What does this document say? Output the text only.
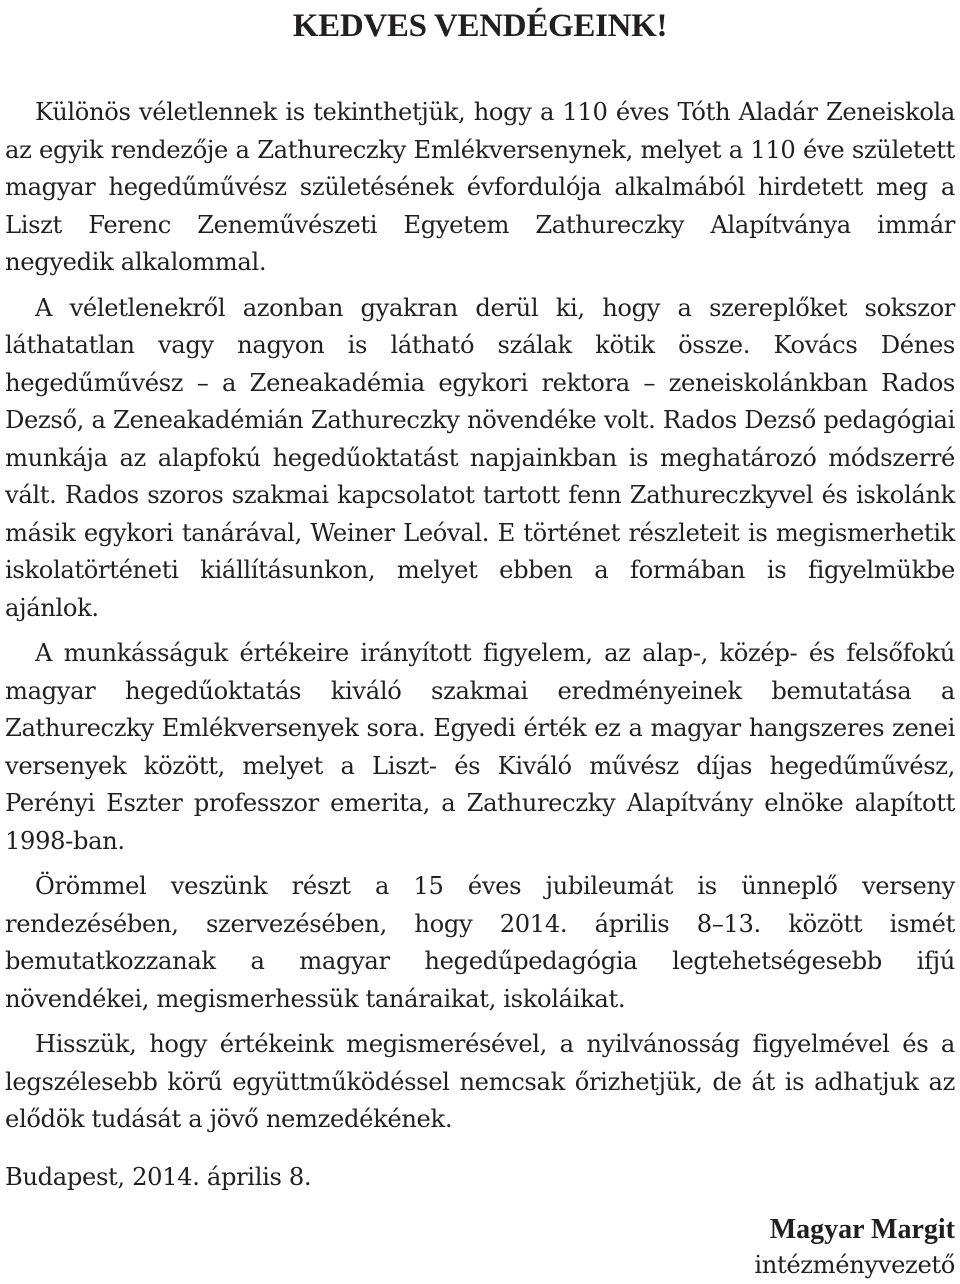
KEDVES VENDÉGEINK!

Különös véletlennek is tekinthetjük, hogy a 110 éves Tóth Aladár Zeneiskola az egyik rendezője a Zathureczky Emlékversenynek, melyet a 110 éve született magyar hegedűművész születésének évfordulója alkalmából hirdetett meg a Liszt Ferenc Zeneművészeti Egyetem Zathureczky Alapítványa immár negyedik alkalommal.

A véletlenekről azonban gyakran derül ki, hogy a szereplőket sokszor láthatatlan vagy nagyon is látható szálak kötik össze. Kovács Dénes hegedűművész – a Zeneakadémia egykori rektora – zeneiskolánkban Rados Dezső, a Zeneakadémián Zathureczky növendéke volt. Rados Dezső pedagógiai munkája az alapfokú hegedűoktatást napjainkban is meghatározó módszerré vált. Rados szoros szakmai kapcsolatot tartott fenn Zathureczkyvel és iskolánk másik egykori tanárával, Weiner Leóval. E történet részleteit is megismerhetik iskolatörténeti kiállításunkon, melyet ebben a formában is figyelmükbe ajánlok.

A munkásságuk értékeire irányított figyelem, az alap-, közép- és felsőfokú magyar hegedűoktatás kiváló szakmai eredményeinek bemutatása a Zathureczky Emlékversenyek sora. Egyedi érték ez a magyar hangszeres zenei versenyek között, melyet a Liszt- és Kiváló művész díjas hegedűművész, Perényi Eszter professzor emerita, a Zathureczky Alapítvány elnöke alapított 1998-ban.

Örömmel veszünk részt a 15 éves jubileumát is ünneplő verseny rendezésében, szervezésében, hogy 2014. április 8–13. között ismét bemutatkozzanak a magyar hegedűpedagógia legtehetségesebb ifjú növendékei, megismerhessük tanáraikat, iskoláikat.

Hisszük, hogy értékeink megismerésével, a nyilvánosság figyelmével és a legszélesebb körű együttműködéssel nemcsak őrizhetjük, de át is adhatjuk az elődök tudását a jövő nemzedékének.

Budapest, 2014. április 8.

Magyar Margit
intézményvezető
